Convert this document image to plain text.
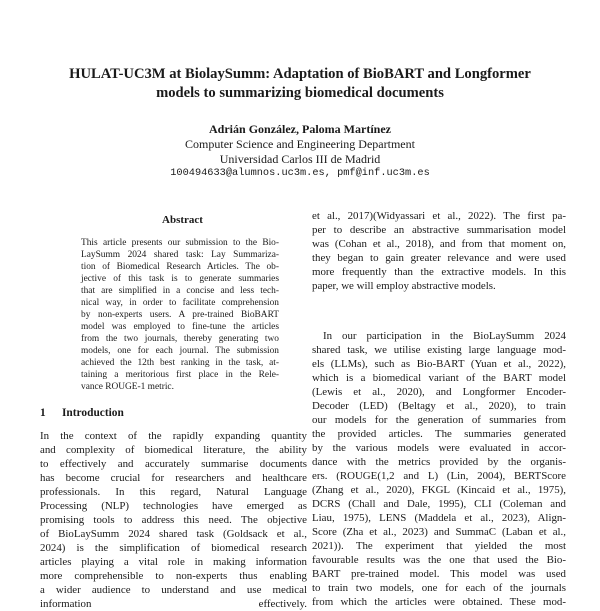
HULAT-UC3M at BiolaySumm: Adaptation of BioBART and Longformer
models to summarizing biomedical documents
Adrián González, Paloma Martínez
Computer Science and Engineering Department
Universidad Carlos III de Madrid
100494633@alumnos.uc3m.es, pmf@inf.uc3m.es
Abstract
This article presents our submission to the Bio-
LaySumm 2024 shared task: Lay Summariza-
tion of Biomedical Research Articles. The ob-
jective of this task is to generate summaries
that are simplified in a concise and less tech-
nical way, in order to facilitate comprehension
by non-experts users. A pre-trained BioBART
model was employed to fine-tune the articles
from the two journals, thereby generating two
models, one for each journal. The submission
achieved the 12th best ranking in the task, at-
taining a meritorious first place in the Rele-
vance ROUGE-1 metric.
1 Introduction
In the context of the rapidly expanding quantity
and complexity of biomedical literature, the ability
to effectively and accurately summarise documents
has become crucial for researchers and healthcare
professionals. In this regard, Natural Language
Processing (NLP) technologies have emerged as
promising tools to address this need. The objective
of BioLaySumm 2024 shared task (Goldsack et al.,
2024) is the simplification of biomedical research
articles playing a vital role in making information
more comprehensible to non-experts thus enabling
a wider audience to understand and use medical
information effectively.
et al., 2017)(Widyassari et al., 2022). The first pa-
per to describe an abstractive summarisation model
was (Cohan et al., 2018), and from that moment on,
they began to gain greater relevance and were used
more frequently than the extractive models. In this
paper, we will employ abstractive models.
In our participation in the BioLaySumm 2024
shared task, we utilise existing large language mod-
els (LLMs), such as Bio-BART (Yuan et al., 2022),
which is a biomedical variant of the BART model
(Lewis et al., 2020), and Longformer Encoder-
Decoder (LED) (Beltagy et al., 2020), to train
our models for the generation of summaries from
the provided articles. The summaries generated
by the various models were evaluated in accor-
dance with the metrics provided by the organis-
ers. (ROUGE(1,2 and L) (Lin, 2004), BERTScore
(Zhang et al., 2020), FKGL (Kincaid et al., 1975),
DCRS (Chall and Dale, 1995), CLI (Coleman and
Liau, 1975), LENS (Maddela et al., 2023), Align-
Score (Zha et al., 2023) and SummaC (Laban et al.,
2021)). The experiment that yielded the most
favourable results was the one that used the Bio-
BART pre-trained model. This model was used
to train two models, one for each of the journals
from which the articles were obtained. These mod-
